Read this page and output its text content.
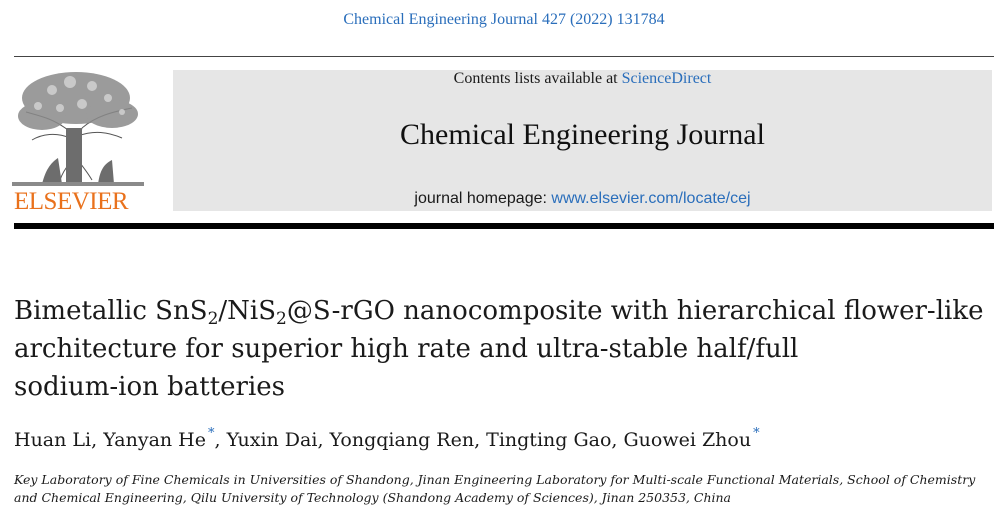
Chemical Engineering Journal 427 (2022) 131784
ELSEVIER
Contents lists available at ScienceDirect
Chemical Engineering Journal
journal homepage: www.elsevier.com/locate/cej
Bimetallic SnS$_2$/NiS$_2$@S-rGO nanocomposite with hierarchical flower-like
architecture for superior high rate and ultra-stable half/full
sodium-ion batteries
Huan Li, Yanyan He *, Yuxin Dai, Yongqiang Ren, Tingting Gao, Guowei Zhou *
Key Laboratory of Fine Chemicals in Universities of Shandong, Jinan Engineering Laboratory for Multi-scale Functional Materials, School of Chemistry and Chemical Engineering, Qilu University of Technology (Shandong Academy of Sciences), Jinan 250353, China
